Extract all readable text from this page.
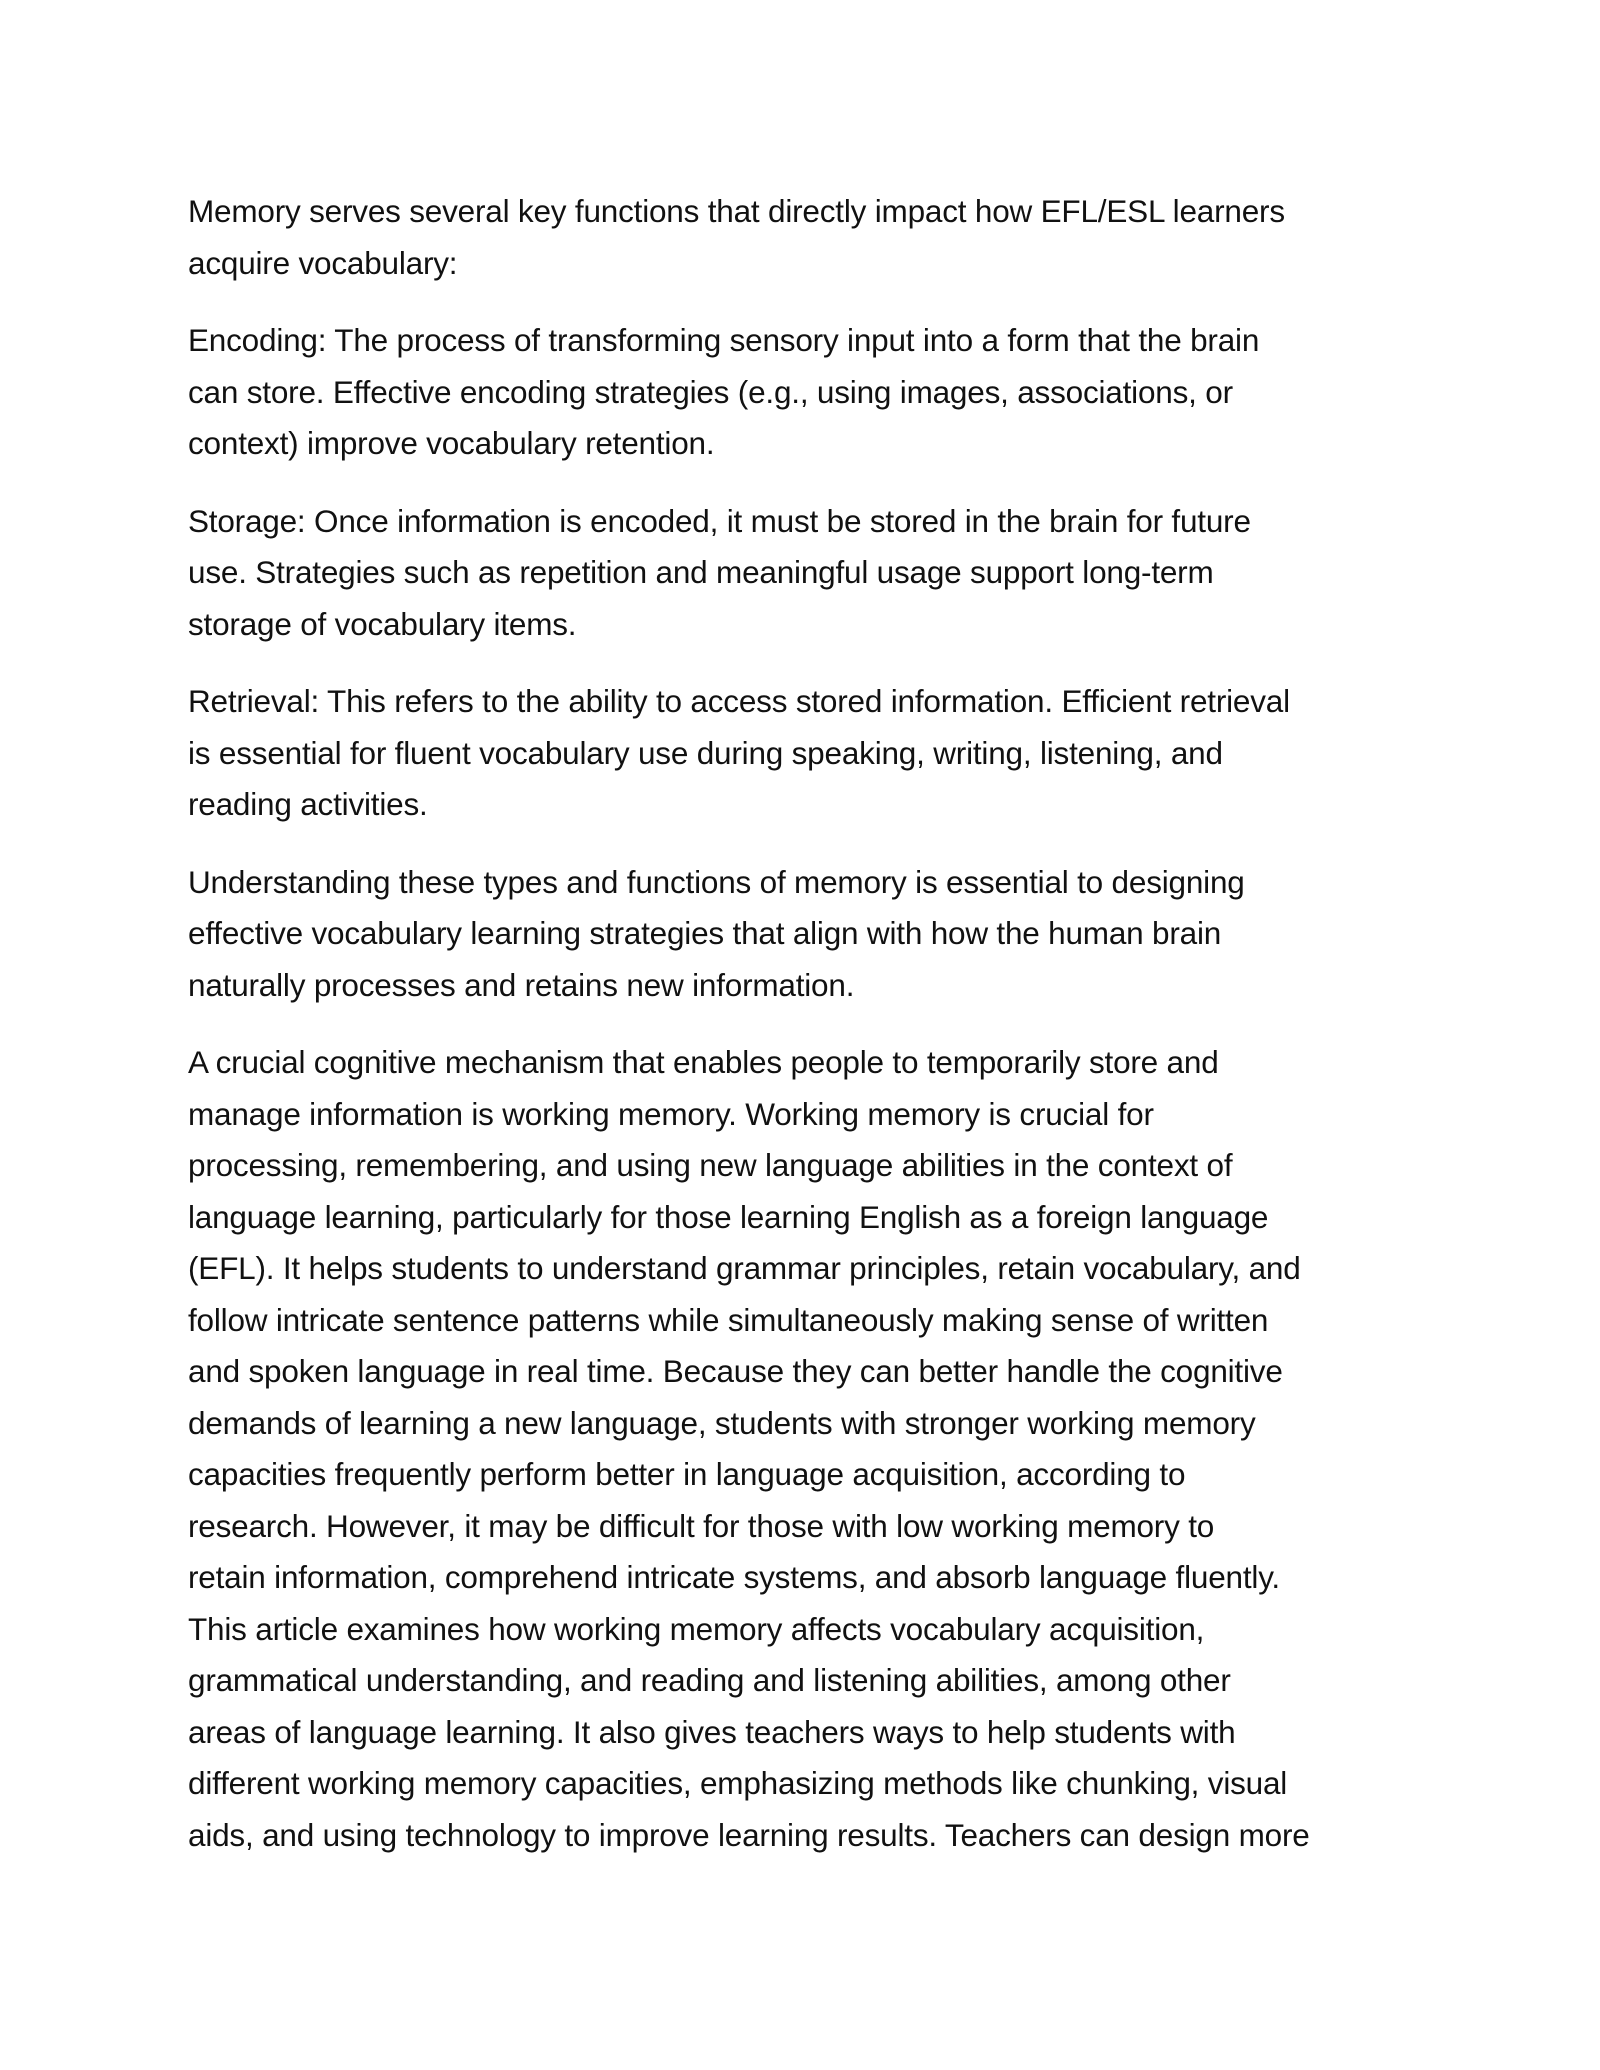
Memory serves several key functions that directly impact how EFL/ESL learners
acquire vocabulary:

Encoding: The process of transforming sensory input into a form that the brain
can store. Effective encoding strategies (e.g., using images, associations, or
context) improve vocabulary retention.

Storage: Once information is encoded, it must be stored in the brain for future
use. Strategies such as repetition and meaningful usage support long-term
storage of vocabulary items.

Retrieval: This refers to the ability to access stored information. Efficient retrieval
is essential for fluent vocabulary use during speaking, writing, listening, and
reading activities.

Understanding these types and functions of memory is essential to designing
effective vocabulary learning strategies that align with how the human brain
naturally processes and retains new information.

A crucial cognitive mechanism that enables people to temporarily store and
manage information is working memory. Working memory is crucial for
processing, remembering, and using new language abilities in the context of
language learning, particularly for those learning English as a foreign language
(EFL). It helps students to understand grammar principles, retain vocabulary, and
follow intricate sentence patterns while simultaneously making sense of written
and spoken language in real time. Because they can better handle the cognitive
demands of learning a new language, students with stronger working memory
capacities frequently perform better in language acquisition, according to
research. However, it may be difficult for those with low working memory to
retain information, comprehend intricate systems, and absorb language fluently.
This article examines how working memory affects vocabulary acquisition,
grammatical understanding, and reading and listening abilities, among other
areas of language learning. It also gives teachers ways to help students with
different working memory capacities, emphasizing methods like chunking, visual
aids, and using technology to improve learning results. Teachers can design more
